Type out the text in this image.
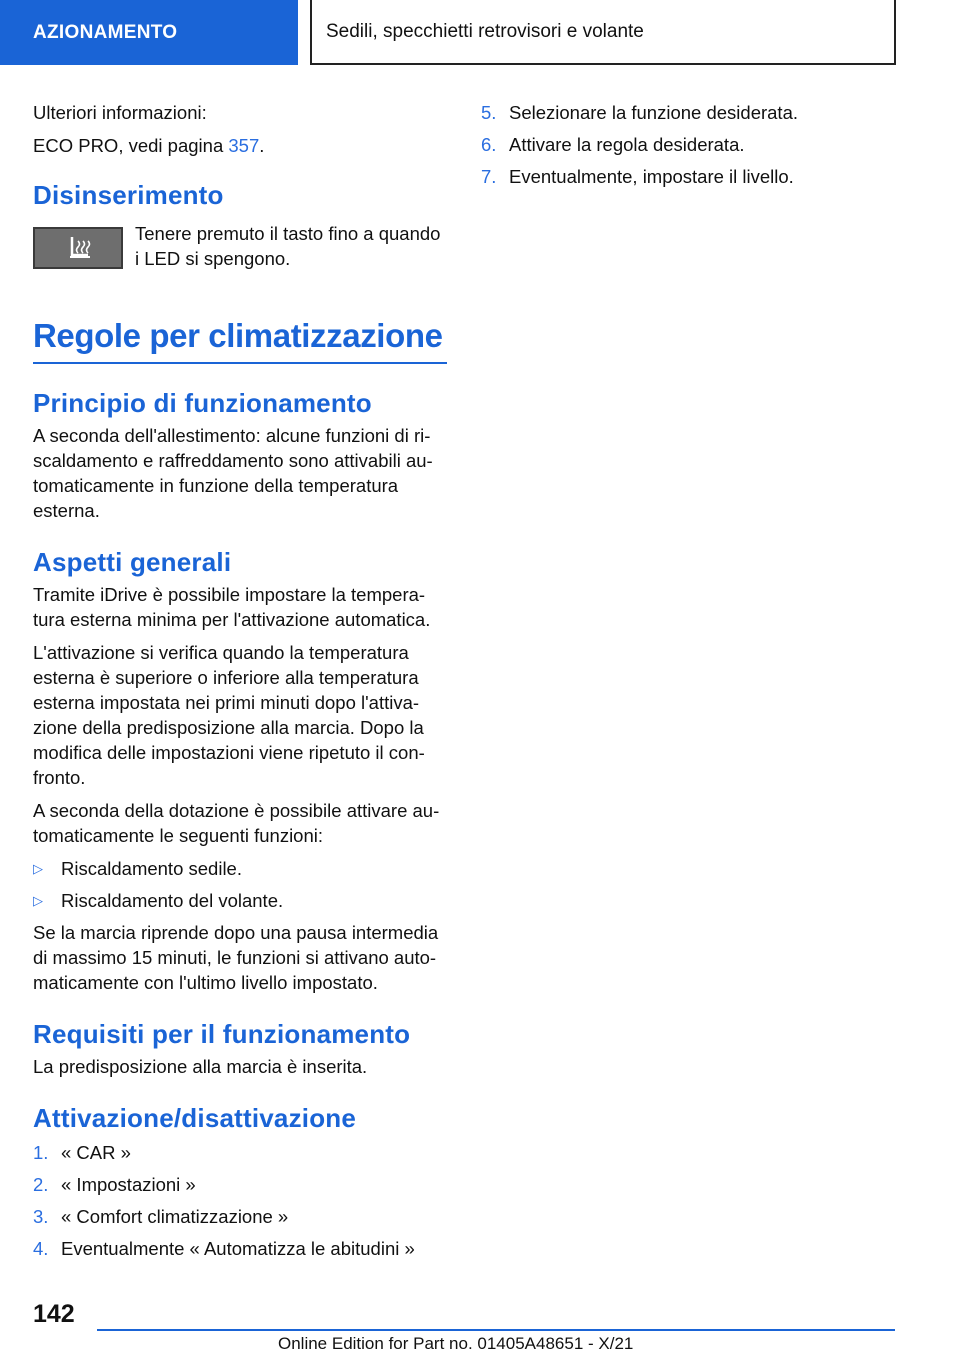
AZIONAMENTO	Sedili, specchietti retrovisori e volante

Ulteriori informazioni:

ECO PRO, vedi pagina 357.

Disinserimento

Tenere premuto il tasto fino a quando i LED si spengono.

Regole per climatizzazione
Principio di funzionamento

A seconda dell'allestimento: alcune funzioni di ri-scaldamento e raffreddamento sono attivabili au-tomaticamente in funzione della temperatura esterna.

Aspetti generali

Tramite iDrive è possibile impostare la tempera-tura esterna minima per l'attivazione automatica.

L'attivazione si verifica quando la temperatura esterna è superiore o inferiore alla temperatura esterna impostata nei primi minuti dopo l'attiva-zione della predisposizione alla marcia. Dopo la modifica delle impostazioni viene ripetuto il con-fronto.

A seconda della dotazione è possibile attivare au-tomaticamente le seguenti funzioni:

▷ Riscaldamento sedile.
▷ Riscaldamento del volante.

Se la marcia riprende dopo una pausa intermedia di massimo 15 minuti, le funzioni si attivano auto-maticamente con l'ultimo livello impostato.

Requisiti per il funzionamento

La predisposizione alla marcia è inserita.

Attivazione/disattivazione
1. « CAR »
2. « Impostazioni »
3. « Comfort climatizzazione »
4. Eventualmente « Automatizza le abitudini »
5. Selezionare la funzione desiderata.
6. Attivare la regola desiderata.
7. Eventualmente, impostare il livello.
142
Online Edition for Part no. 01405A48651 - X/21
